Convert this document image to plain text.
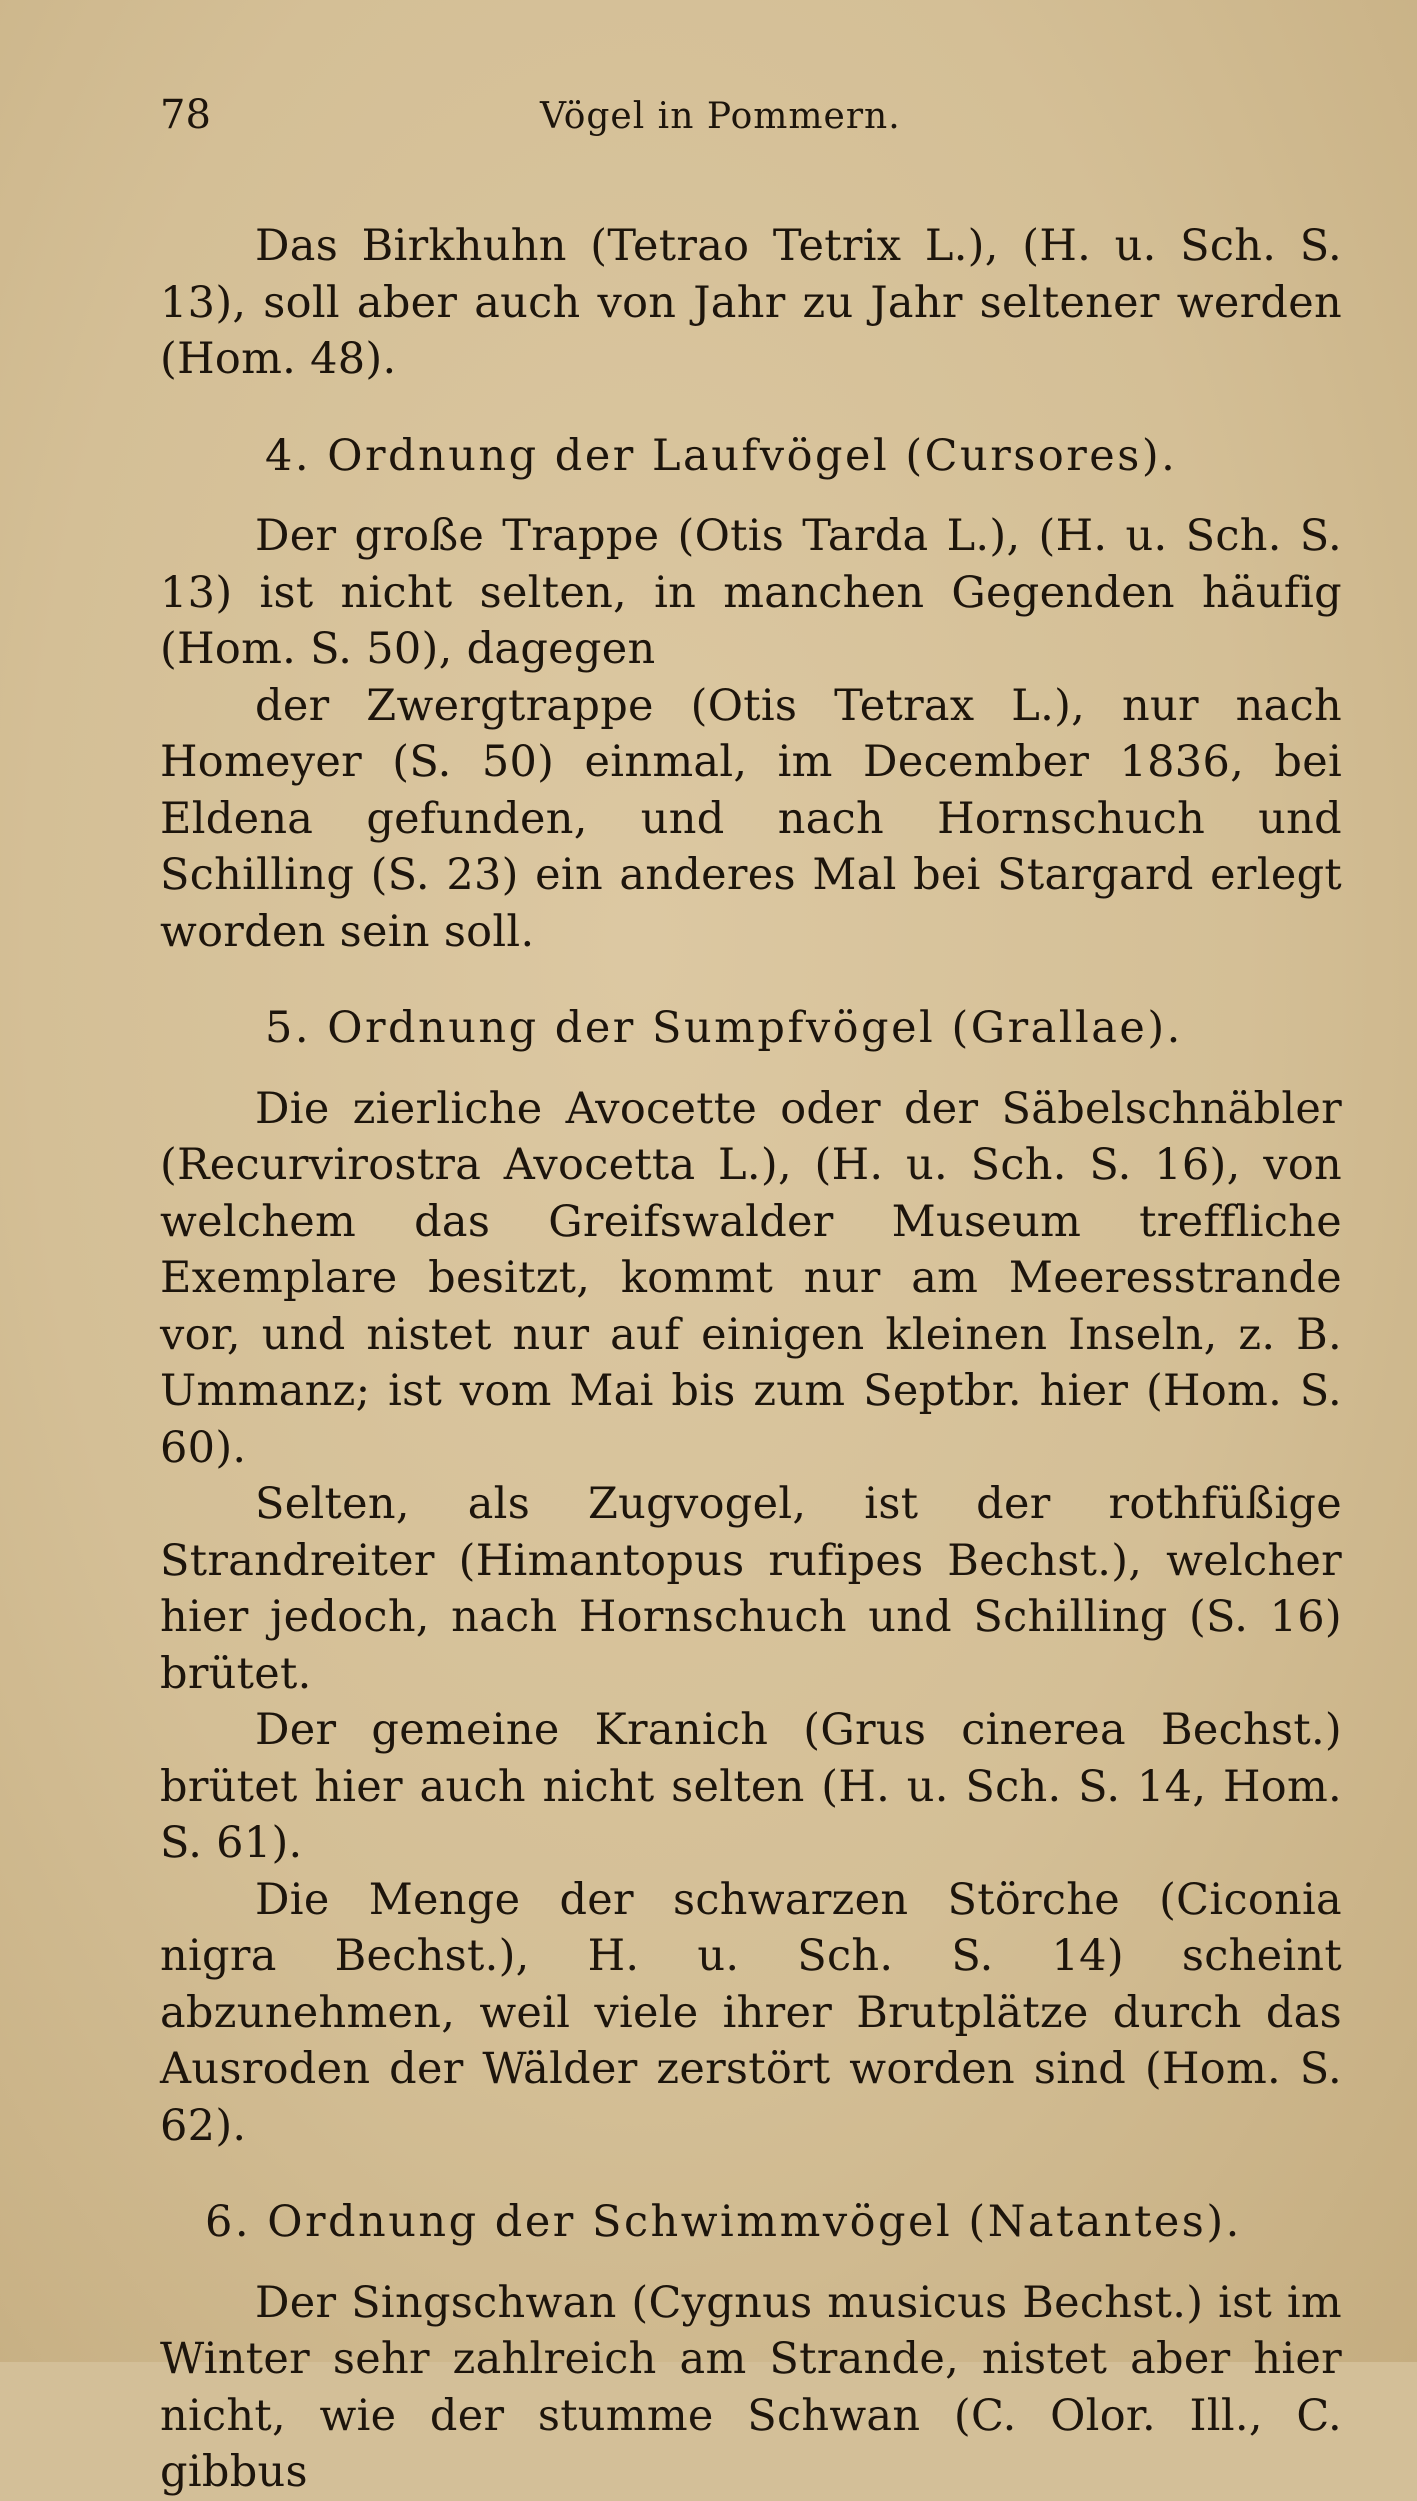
78	Vögel in Pommern.

Das Birkhuhn (Tetrao Tetrix L.), (H. u. Sch. S. 13), soll aber auch von Jahr zu Jahr seltener werden (Hom. 48).

4. Ordnung der Laufvögel (Cursores).

Der große Trappe (Otis Tarda L.), (H. u. Sch. S. 13) ist nicht selten, in manchen Gegenden häufig (Hom. S. 50), dagegen

der Zwergtrappe (Otis Tetrax L.), nur nach Homeyer (S. 50) einmal, im December 1836, bei Eldena gefunden, und nach Hornschuch und Schilling (S. 23) ein anderes Mal bei Stargard erlegt worden sein soll.

5. Ordnung der Sumpfvögel (Grallae).

Die zierliche Avocette oder der Säbelschnäbler (Recurvirostra Avocetta L.), (H. u. Sch. S. 16), von welchem das Greifswalder Museum treffliche Exemplare besitzt, kommt nur am Meeresstrande vor, und nistet nur auf einigen kleinen Inseln, z. B. Ummanz; ist vom Mai bis zum Septbr. hier (Hom. S. 60).

Selten, als Zugvogel, ist der rothfüßige Strandreiter (Himantopus rufipes Bechst.), welcher hier jedoch, nach Hornschuch und Schilling (S. 16) brütet.

Der gemeine Kranich (Grus cinerea Bechst.) brütet hier auch nicht selten (H. u. Sch. S. 14, Hom. S. 61).

Die Menge der schwarzen Störche (Ciconia nigra Bechst.), H. u. Sch. S. 14) scheint abzunehmen, weil viele ihrer Brutplätze durch das Ausroden der Wälder zerstört worden sind (Hom. S. 62).

6. Ordnung der Schwimmvögel (Natantes).

Der Singschwan (Cygnus musicus Bechst.) ist im Winter sehr zahlreich am Strande, nistet aber hier nicht, wie der stumme Schwan (C. Olor. Ill., C. gibbus
